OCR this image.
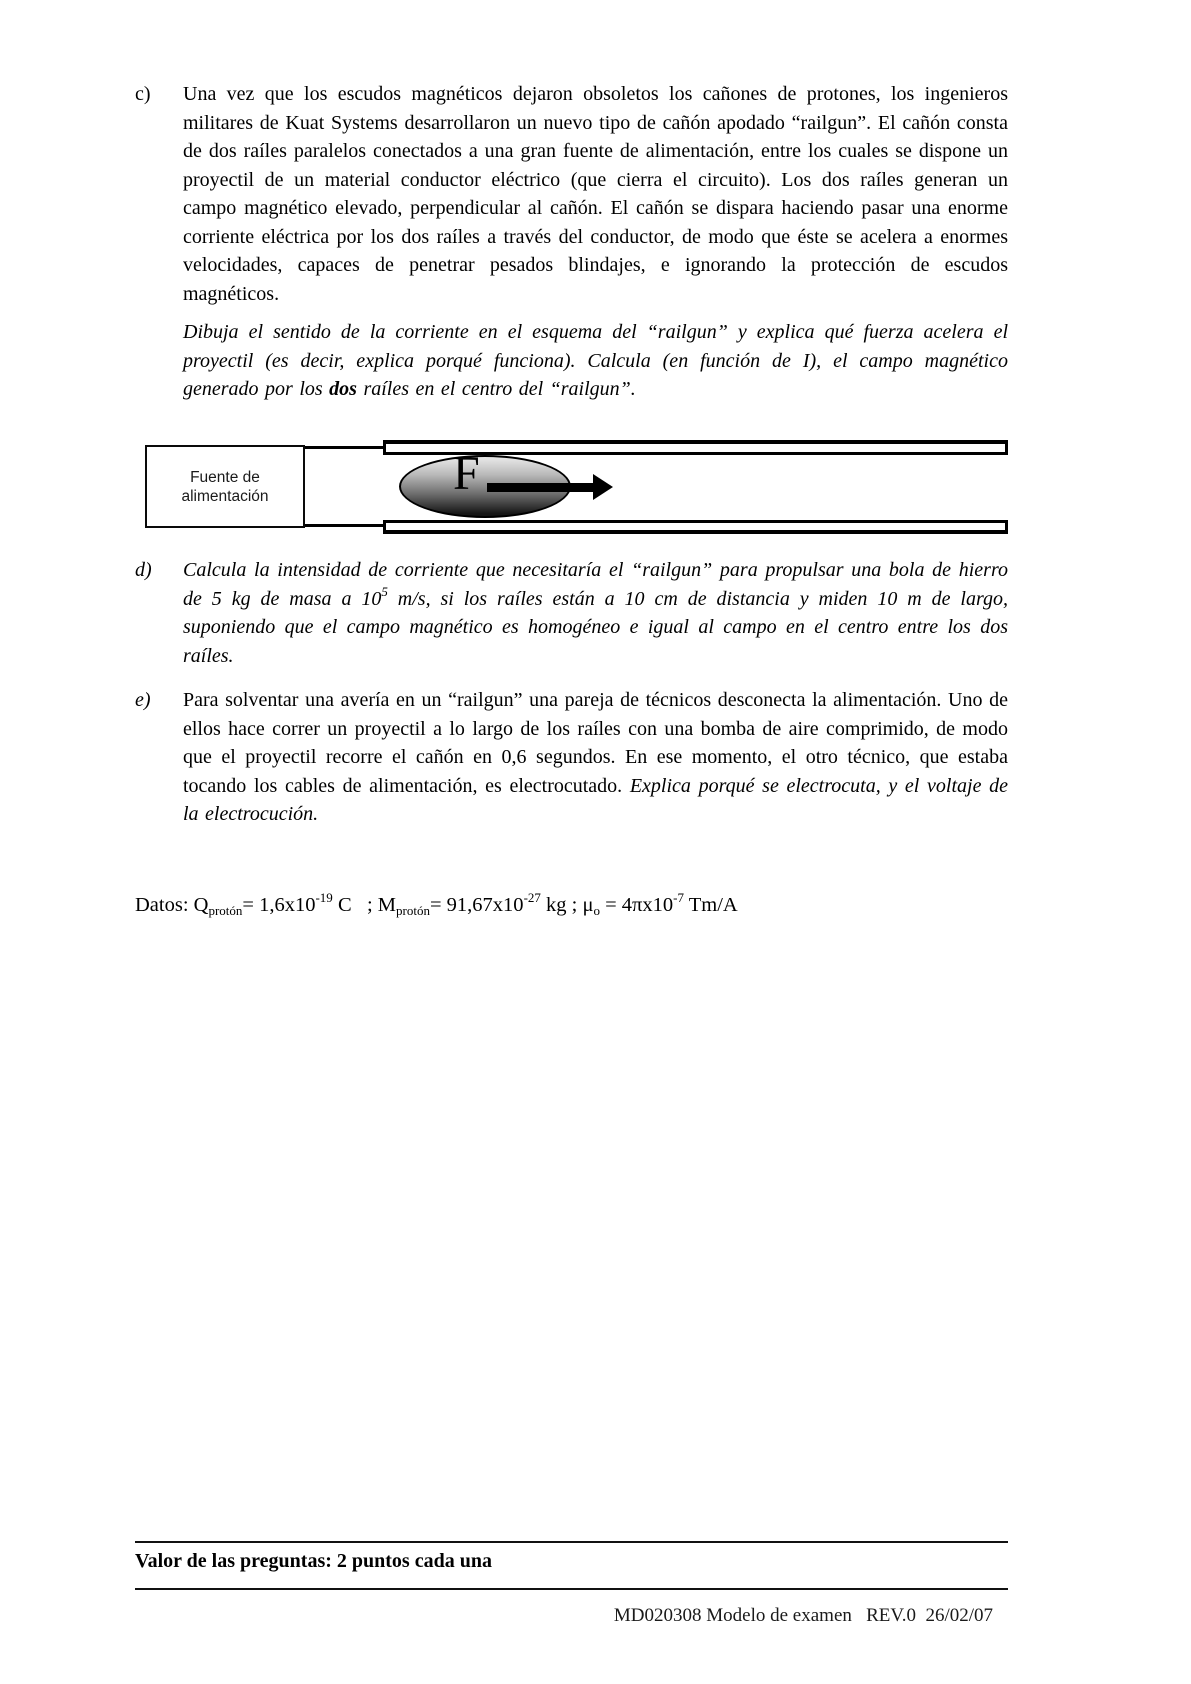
c)	Una vez que los escudos magnéticos dejaron obsoletos los cañones de protones, los ingenieros militares de Kuat Systems desarrollaron un nuevo tipo de cañón apodado “railgun”. El cañón consta de dos raíles paralelos conectados a una gran fuente de alimentación, entre los cuales se dispone un proyectil de un material conductor eléctrico (que cierra el circuito). Los dos raíles generan un campo magnético elevado, perpendicular al cañón. El cañón se dispara haciendo pasar una enorme corriente eléctrica por los dos raíles a través del conductor, de modo que éste se acelera a enormes velocidades, capaces de penetrar pesados blindajes, e ignorando la protección de escudos magnéticos.
Dibuja el sentido de la corriente en el esquema del “railgun” y explica qué fuerza acelera el proyectil (es decir, explica porqué funciona). Calcula (en función de I), el campo magnético generado por los dos raíles en el centro del “railgun”.
Fuente de
alimentación	F
d)	Calcula la intensidad de corriente que necesitaría el “railgun” para propulsar una bola de hierro de 5 kg de masa a $10^5$ m/s, si los raíles están a 10 cm de distancia y miden 10 m de largo, suponiendo que el campo magnético es homogéneo e igual al campo en el centro entre los dos raíles.
e)	Para solventar una avería en un “railgun” una pareja de técnicos desconecta la alimentación. Uno de ellos hace correr un proyectil a lo largo de los raíles con una bomba de aire comprimido, de modo que el proyectil recorre el cañón en 0,6 segundos. En ese momento, el otro técnico, que estaba tocando los cables de alimentación, es electrocutado. Explica porqué se electrocuta, y el voltaje de la electrocución.
Datos: $Q_{protón}= 1,6x10^{-19}$ C   ; $M_{protón}= 91,67x10^{-27}$ kg ; $\mu_o = 4\pi x10^{-7}$ Tm/A
Valor de las preguntas: 2 puntos cada una
MD020308 Modelo de examen   REV.0  26/02/07
